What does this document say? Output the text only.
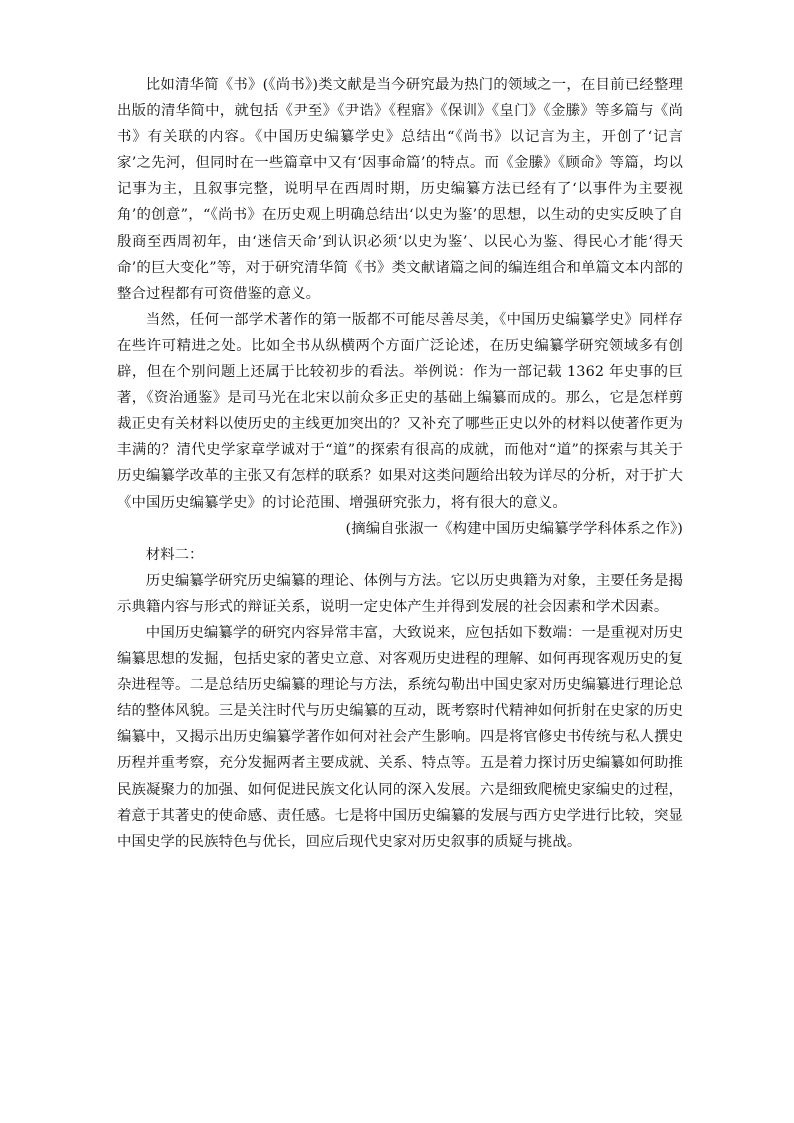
比如清华简《书》(《尚书》)类文献是当今研究最为热门的领域之一，在目前已经整理出版的清华简中，就包括《尹至》《尹诰》《程寤》《保训》《皇门》《金縢》等多篇与《尚书》有关联的内容。《中国历史编纂学史》总结出“《尚书》以记言为主，开创了‘记言家’之先河，但同时在一些篇章中又有‘因事命篇’的特点。而《金縢》《顾命》等篇，均以记事为主，且叙事完整，说明早在西周时期，历史编纂方法已经有了‘以事件为主要视角’的创意”，“《尚书》在历史观上明确总结出‘以史为鉴’的思想，以生动的史实反映了自殷商至西周初年，由‘迷信天命’到认识必须‘以史为鉴’、以民心为鉴、得民心才能‘得天命’的巨大变化”等，对于研究清华简《书》类文献诸篇之间的编连组合和单篇文本内部的整合过程都有可资借鉴的意义。

当然，任何一部学术著作的第一版都不可能尽善尽美，《中国历史编纂学史》同样存在些许可精进之处。比如全书从纵横两个方面广泛论述，在历史编纂学研究领域多有创辟，但在个别问题上还属于比较初步的看法。举例说：作为一部记载 1362 年史事的巨著，《资治通鉴》是司马光在北宋以前众多正史的基础上编纂而成的。那么，它是怎样剪裁正史有关材料以使历史的主线更加突出的？又补充了哪些正史以外的材料以使著作更为丰满的？清代史学家章学诚对于“道”的探索有很高的成就，而他对“道”的探索与其关于历史编纂学改革的主张又有怎样的联系？如果对这类问题给出较为详尽的分析，对于扩大《中国历史编纂学史》的讨论范围、增强研究张力，将有很大的意义。

(摘编自张淑一《构建中国历史编纂学学科体系之作》)

材料二：

历史编纂学研究历史编纂的理论、体例与方法。它以历史典籍为对象，主要任务是揭示典籍内容与形式的辩证关系，说明一定史体产生并得到发展的社会因素和学术因素。

中国历史编纂学的研究内容异常丰富，大致说来，应包括如下数端：一是重视对历史编纂思想的发掘，包括史家的著史立意、对客观历史进程的理解、如何再现客观历史的复杂进程等。二是总结历史编纂的理论与方法，系统勾勒出中国史家对历史编纂进行理论总结的整体风貌。三是关注时代与历史编纂的互动，既考察时代精神如何折射在史家的历史编纂中，又揭示出历史编纂学著作如何对社会产生影响。四是将官修史书传统与私人撰史历程并重考察，充分发掘两者主要成就、关系、特点等。五是着力探讨历史编纂如何助推民族凝聚力的加强、如何促进民族文化认同的深入发展。六是细致爬梳史家编史的过程，着意于其著史的使命感、责任感。七是将中国历史编纂的发展与西方史学进行比较，突显中国史学的民族特色与优长，回应后现代史家对历史叙事的质疑与挑战。
